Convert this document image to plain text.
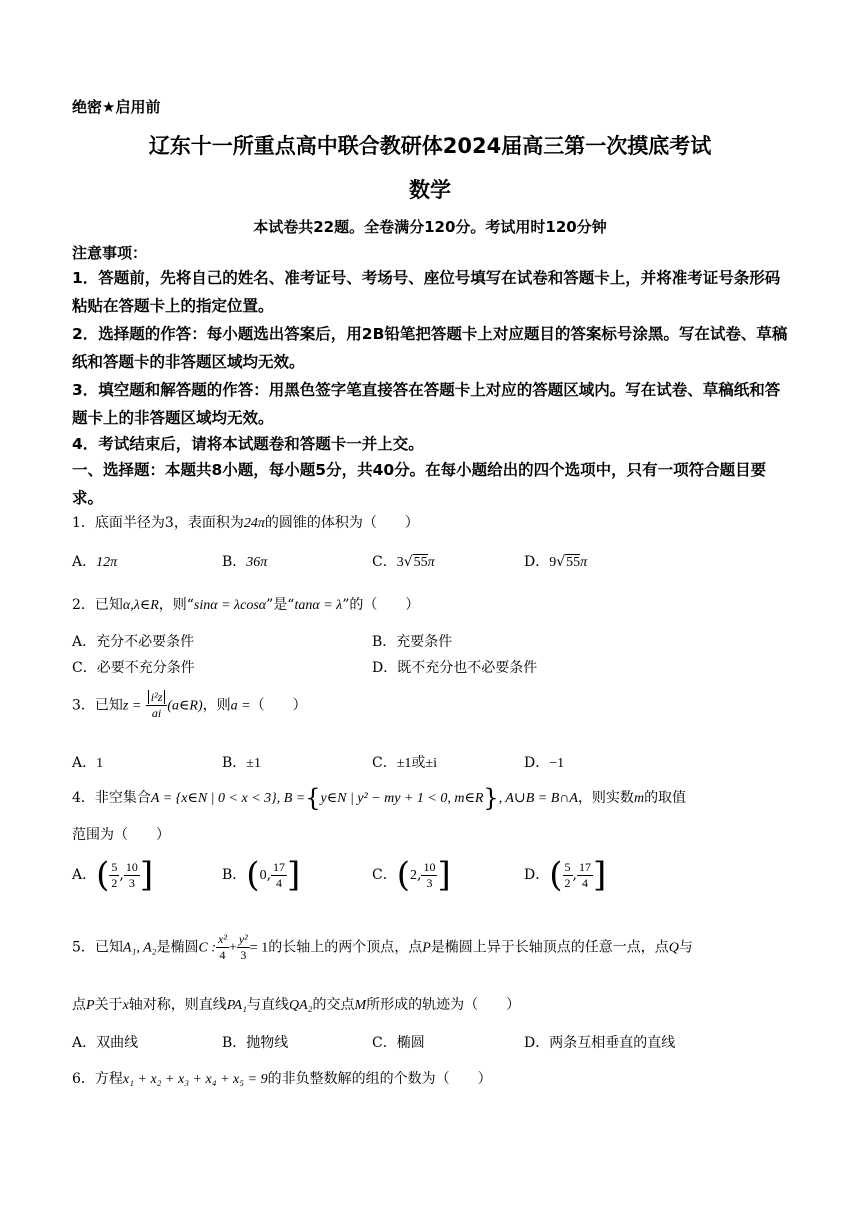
绝密★启用前
辽东十一所重点高中联合教研体2024届高三第一次摸底考试
数学
本试卷共22题。全卷满分120分。考试用时120分钟
注意事项：
1．答题前，先将自己的姓名、准考证号、考场号、座位号填写在试卷和答题卡上，并将准考证号条形码粘贴在答题卡上的指定位置。
2．选择题的作答：每小题选出答案后，用2B铅笔把答题卡上对应题目的答案标号涂黑。写在试卷、草稿纸和答题卡的非答题区域均无效。
3．填空题和解答题的作答：用黑色签字笔直接答在答题卡上对应的答题区域内。写在试卷、草稿纸和答题卡上的非答题区域均无效。
4．考试结束后，请将本试题卷和答题卡一并上交。
一、选择题：本题共8小题，每小题5分，共40分。在每小题给出的四个选项中，只有一项符合题目要求。
1．底面半径为3，表面积为24π的圆锥的体积为（　　）
A．12π	B．36π	C．3√55π	D．9√55π
2．已知α,λ∈R，则“sinα = λcosα”是“tanα = λ”的（　　）
A．充分不必要条件	B．充要条件
C．必要不充分条件	D．既不充分也不必要条件
3．已知$z = \frac{\text{i²z}}{ai}$ (a∈R)，则a =（　　）
A．1	B．±1	C．±1或±i	D．−1
4．非空集合A = {x∈N | 0 < x < 3}, B ={y∈N | y² − my + 1 < 0, m∈R}, A∪B = B∩A，则实数m的取值
范围为（　　）
A．( $\frac{5}{2}$ , $\frac{10}{3}$ ]	B．(0, $\frac{17}{4}$ ]	C．(2, $\frac{10}{3}$ ]	D．( $\frac{5}{2}$ , $\frac{17}{4}$ ]
5．已知A₁, A₂是椭圆C : $\frac{\text{x²}}{4} + \frac{\text{y²}}{3} = 1$的长轴上的两个顶点，点P是椭圆上异于长轴顶点的任意一点，点Q与
点P关于x轴对称，则直线PA₁与直线QA₂的交点M所形成的轨迹为（　　）
A．双曲线	B．抛物线	C．椭圆	D．两条互相垂直的直线
6．方程x₁ + x₂ + x₃ + x₄ + x₅ = 9的非负整数解的组的个数为（　　）
